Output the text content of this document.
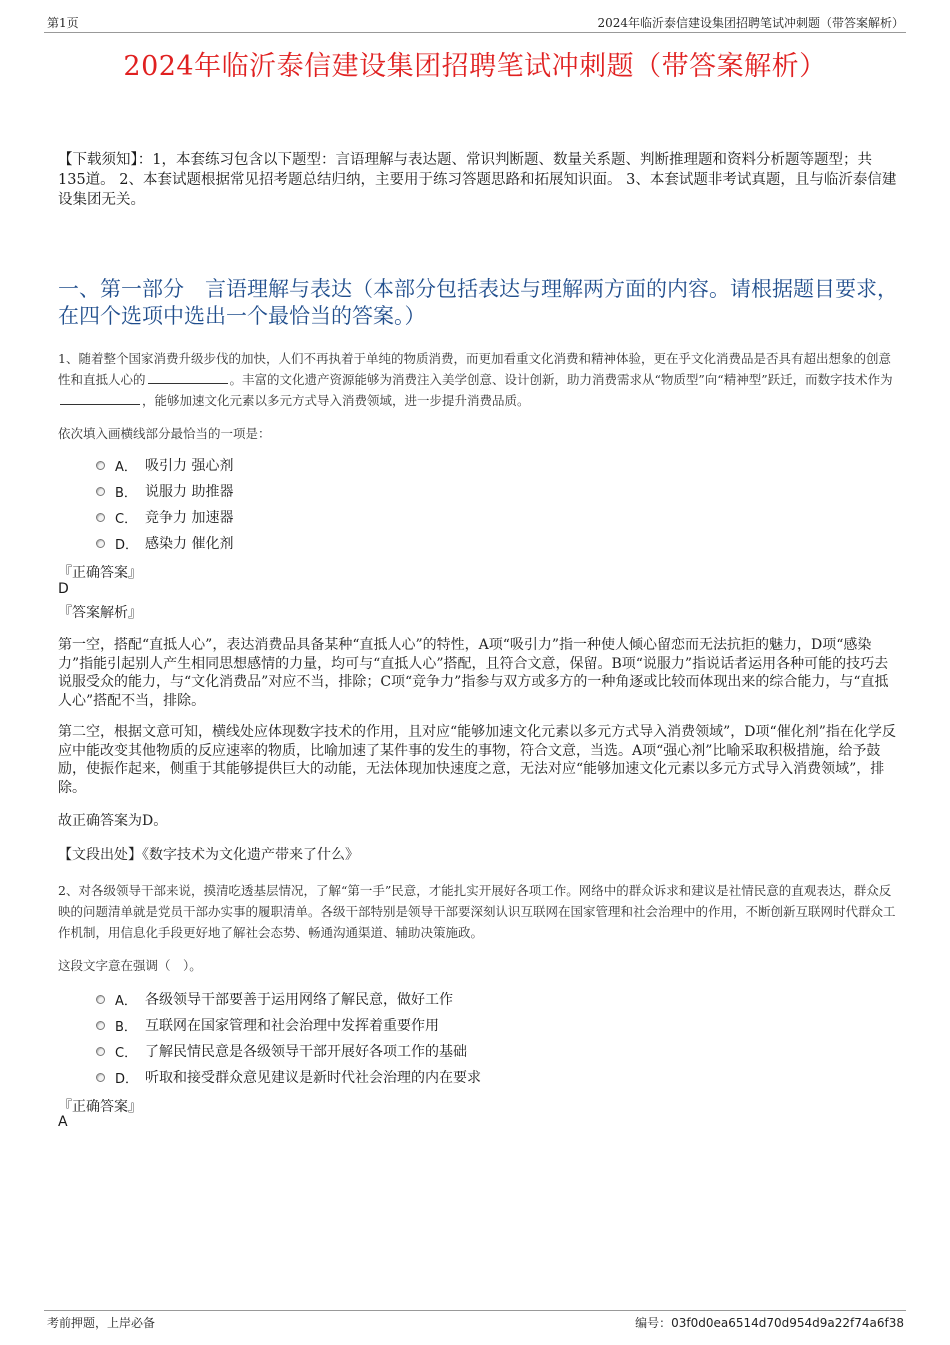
第1页	2024年临沂泰信建设集团招聘笔试冲刺题（带答案解析）
2024年临沂泰信建设集团招聘笔试冲刺题（带答案解析）
【下载须知】：1，本套练习包含以下题型：言语理解与表达题、常识判断题、数量关系题、判断推理题和资料分析题等题型；共135道。 2、本套试题根据常见招考题总结归纳，主要用于练习答题思路和拓展知识面。 3、本套试题非考试真题，且与临沂泰信建设集团无关。
一、第一部分　言语理解与表达（本部分包括表达与理解两方面的内容。请根据题目要求，在四个选项中选出一个最恰当的答案。）
1、随着整个国家消费升级步伐的加快，人们不再执着于单纯的物质消费，而更加看重文化消费和精神体验，更在乎文化消费品是否具有超出想象的创意性和直抵人心的	。丰富的文化遗产资源能够为消费注入美学创意、设计创新，助力消费需求从“物质型”向“精神型”跃迁，而数字技术作为，能够加速文化元素以多元方式导入消费领域，进一步提升消费品质。
依次填入画横线部分最恰当的一项是：
A． 吸引力 强心剂
B． 说服力 助推器
C． 竞争力 加速器
D． 感染力 催化剂
『正确答案』
D
『答案解析』
第一空，搭配“直抵人心”，表达消费品具备某种“直抵人心”的特性，A项“吸引力”指一种使人倾心留恋而无法抗拒的魅力，D项“感染力”指能引起别人产生相同思想感情的力量，均可与“直抵人心”搭配，且符合文意，保留。B项“说服力”指说话者运用各种可能的技巧去说服受众的能力，与“文化消费品”对应不当，排除；C项“竞争力”指参与双方或多方的一种角逐或比较而体现出来的综合能力，与“直抵人心”搭配不当，排除。
第二空，根据文意可知，横线处应体现数字技术的作用，且对应“能够加速文化元素以多元方式导入消费领域”，D项“催化剂”指在化学反应中能改变其他物质的反应速率的物质，比喻加速了某件事的发生的事物，符合文意，当选。A项“强心剂”比喻采取积极措施，给予鼓励，使振作起来，侧重于其能够提供巨大的动能，无法体现加快速度之意，无法对应“能够加速文化元素以多元方式导入消费领域”，排除。
故正确答案为D。
【文段出处】《数字技术为文化遗产带来了什么》
2、对各级领导干部来说，摸清吃透基层情况，了解“第一手”民意，才能扎实开展好各项工作。网络中的群众诉求和建议是社情民意的直观表达，群众反映的问题清单就是党员干部办实事的履职清单。各级干部特别是领导干部要深刻认识互联网在国家管理和社会治理中的作用，不断创新互联网时代群众工作机制，用信息化手段更好地了解社会态势、畅通沟通渠道、辅助决策施政。
这段文字意在强调（　）。
A． 各级领导干部要善于运用网络了解民意，做好工作
B． 互联网在国家管理和社会治理中发挥着重要作用
C． 了解民情民意是各级领导干部开展好各项工作的基础
D． 听取和接受群众意见建议是新时代社会治理的内在要求
『正确答案』
A
考前押题，上岸必备	编号：03f0d0ea6514d70d954d9a22f74a6f38
